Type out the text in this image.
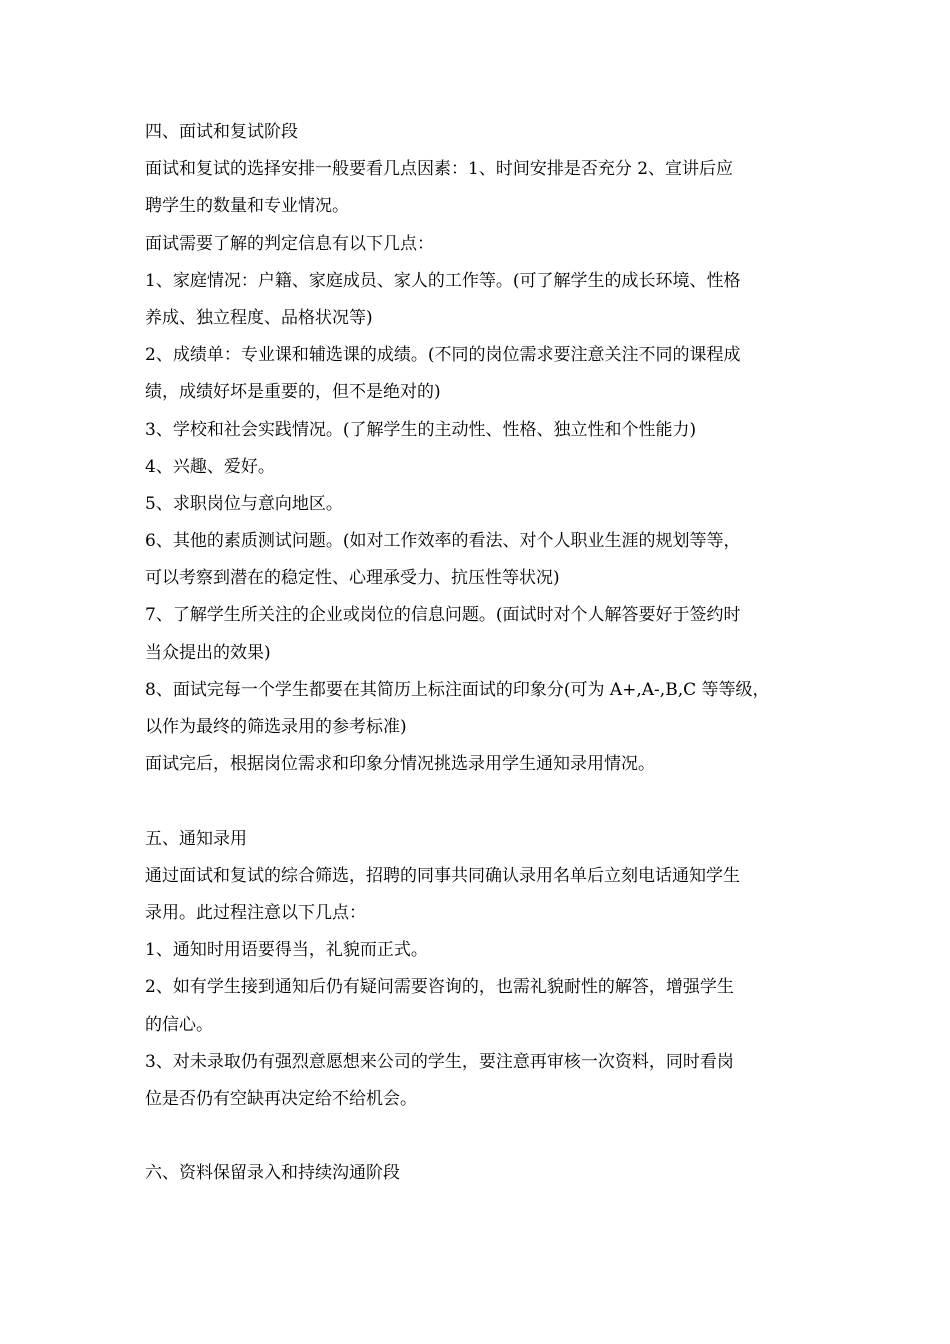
四、面试和复试阶段
面试和复试的选择安排一般要看几点因素：1、时间安排是否充分 2、宣讲后应
聘学生的数量和专业情况。
面试需要了解的判定信息有以下几点：
1、家庭情况：户籍、家庭成员、家人的工作等。(可了解学生的成长环境、性格
养成、独立程度、品格状况等)
2、成绩单：专业课和辅选课的成绩。(不同的岗位需求要注意关注不同的课程成
绩，成绩好坏是重要的，但不是绝对的)
3、学校和社会实践情况。(了解学生的主动性、性格、独立性和个性能力)
4、兴趣、爱好。
5、求职岗位与意向地区。
6、其他的素质测试问题。(如对工作效率的看法、对个人职业生涯的规划等等，
可以考察到潜在的稳定性、心理承受力、抗压性等状况)
7、了解学生所关注的企业或岗位的信息问题。(面试时对个人解答要好于签约时
当众提出的效果)
8、面试完每一个学生都要在其简历上标注面试的印象分(可为 A+,A-,B,C 等等级，
以作为最终的筛选录用的参考标准)
面试完后，根据岗位需求和印象分情况挑选录用学生通知录用情况。
五、通知录用
通过面试和复试的综合筛选，招聘的同事共同确认录用名单后立刻电话通知学生
录用。此过程注意以下几点：
1、通知时用语要得当，礼貌而正式。
2、如有学生接到通知后仍有疑问需要咨询的，也需礼貌耐性的解答，增强学生
的信心。
3、对未录取仍有强烈意愿想来公司的学生，要注意再审核一次资料，同时看岗
位是否仍有空缺再决定给不给机会。
六、资料保留录入和持续沟通阶段
